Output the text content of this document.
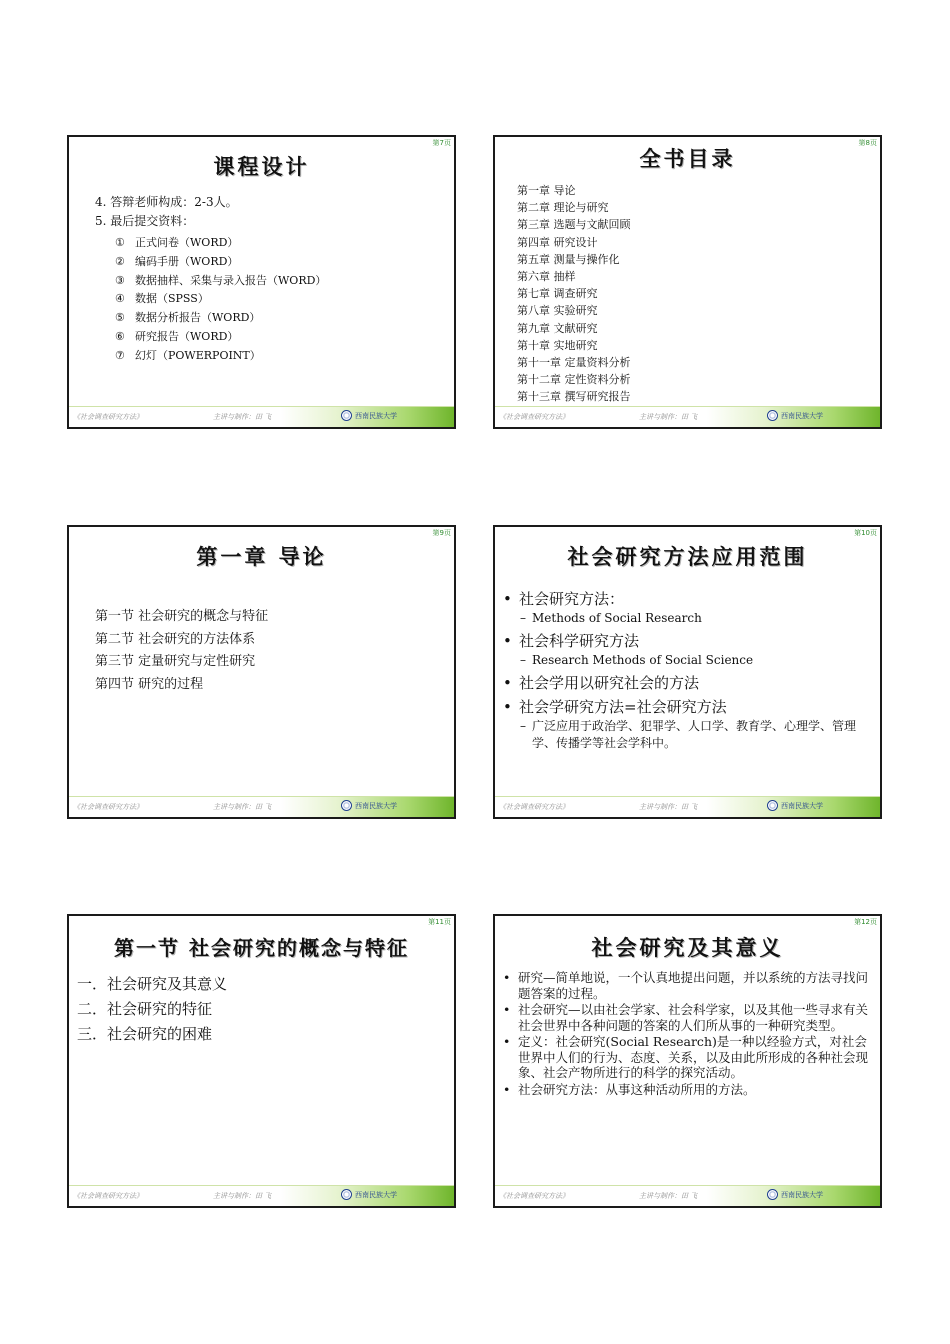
第7页
课程设计
4. 答辩老师构成：2-3人。
5. 最后提交资料：
① 正式问卷（WORD）
② 编码手册（WORD）
③ 数据抽样、采集与录入报告（WORD）
④ 数据（SPSS）
⑤ 数据分析报告（WORD）
⑥ 研究报告（WORD）
⑦ 幻灯（POWERPOINT）
《社会调查研究方法》	主讲与制作：田 飞	西南民族大学
第8页
全书目录
第一章 导论
第二章 理论与研究
第三章 选题与文献回顾
第四章 研究设计
第五章 测量与操作化
第六章 抽样
第七章 调查研究
第八章 实验研究
第九章 文献研究
第十章 实地研究
第十一章 定量资料分析
第十二章 定性资料分析
第十三章 撰写研究报告
《社会调查研究方法》	主讲与制作：田 飞	西南民族大学
第9页
第一章 导论
第一节 社会研究的概念与特征
第二节 社会研究的方法体系
第三节 定量研究与定性研究
第四节 研究的过程
《社会调查研究方法》	主讲与制作：田 飞	西南民族大学
第10页
社会研究方法应用范围
• 社会研究方法：
– Methods of Social Research
• 社会科学研究方法
– Research Methods of Social Science
• 社会学用以研究社会的方法
• 社会学研究方法=社会研究方法
– 广泛应用于政治学、犯罪学、人口学、教育学、心理学、管理学、传播学等社会学科中。
《社会调查研究方法》	主讲与制作：田 飞	西南民族大学
第11页
第一节 社会研究的概念与特征
一．社会研究及其意义
二．社会研究的特征
三．社会研究的困难
《社会调查研究方法》	主讲与制作：田 飞	西南民族大学
第12页
社会研究及其意义
• 研究—简单地说，一个认真地提出问题，并以系统的方法寻找问题答案的过程。
• 社会研究—以由社会学家、社会科学家，以及其他一些寻求有关社会世界中各种问题的答案的人们所从事的一种研究类型。
• 定义：社会研究(Social Research)是一种以经验方式，对社会世界中人们的行为、态度、关系，以及由此所形成的各种社会现象、社会产物所进行的科学的探究活动。
• 社会研究方法：从事这种活动所用的方法。
《社会调查研究方法》	主讲与制作：田 飞	西南民族大学
